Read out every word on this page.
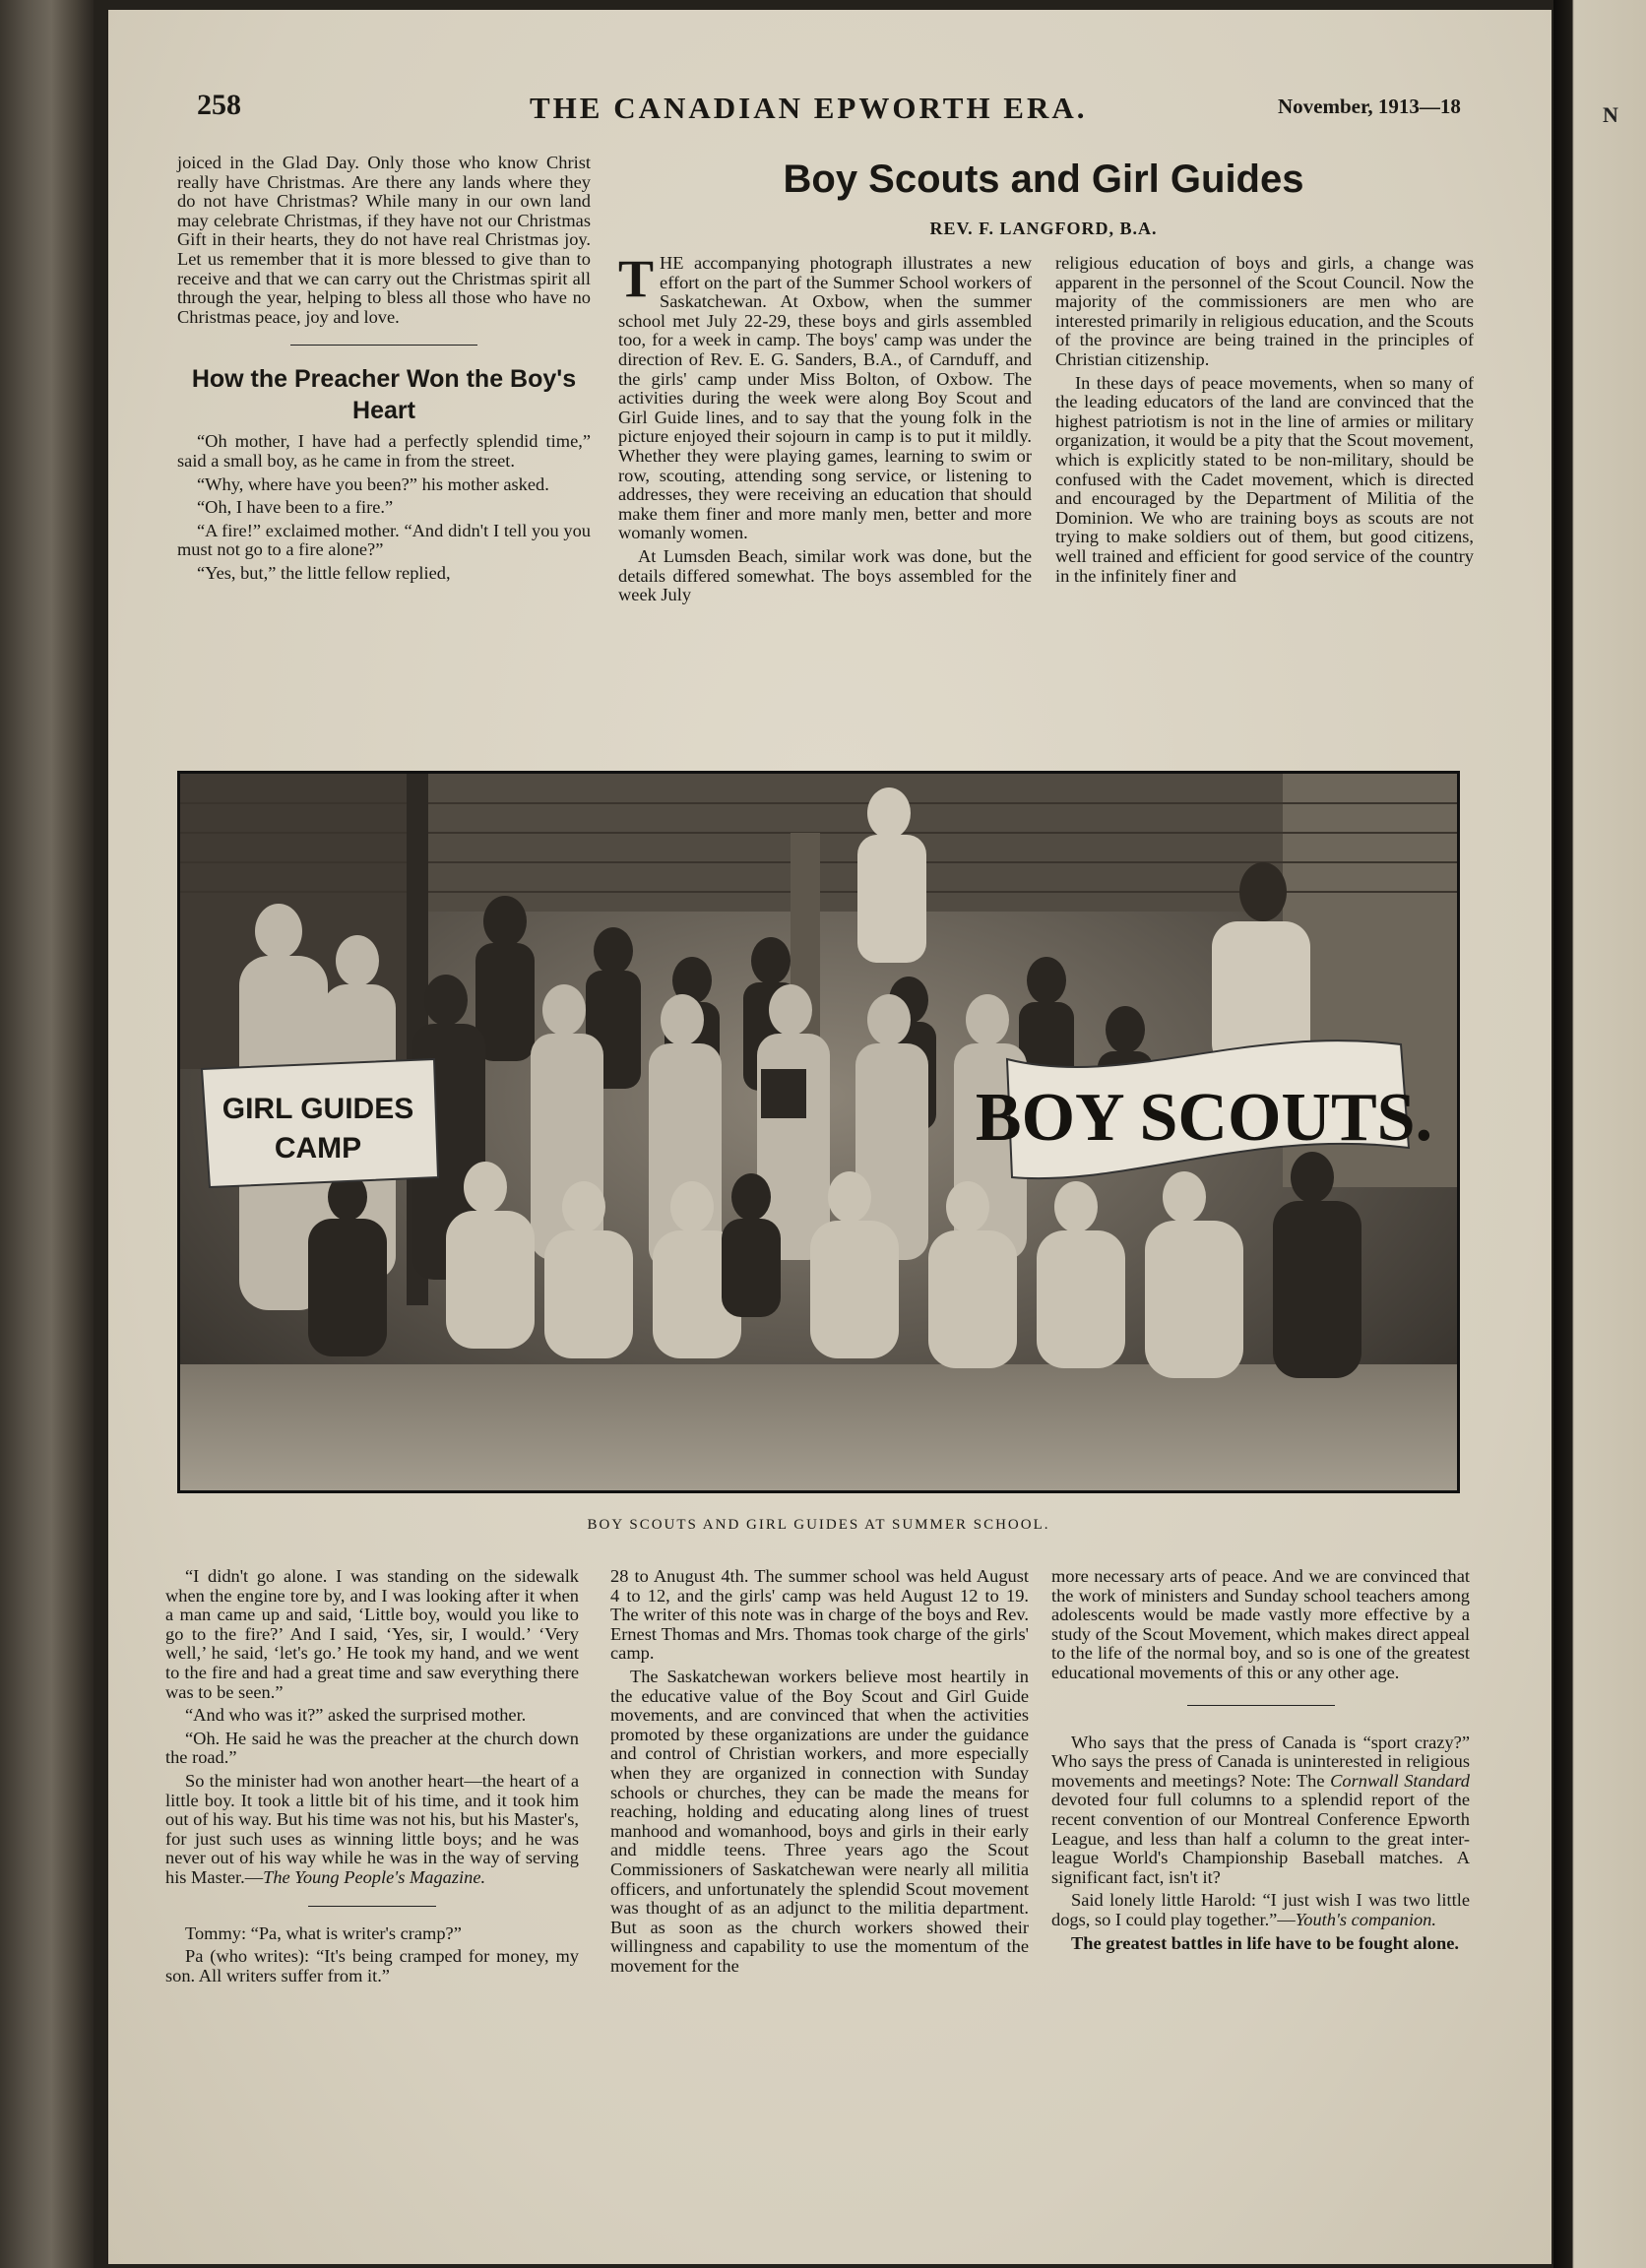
N
258	THE CANADIAN EPWORTH ERA.	November, 1913—18

joiced in the Glad Day. Only those who know Christ really have Christmas. Are there any lands where they do not have Christmas? While many in our own land may celebrate Christmas, if they have not our Christmas Gift in their hearts, they do not have real Christmas joy. Let us remember that it is more blessed to give than to receive and that we can carry out the Christmas spirit all through the year, helping to bless all those who have no Christmas peace, joy and love.

How the Preacher Won the Boy's Heart

“Oh mother, I have had a perfectly splendid time,” said a small boy, as he came in from the street.

“Why, where have you been?” his mother asked.

“Oh, I have been to a fire.”

“A fire!” exclaimed mother. “And didn't I tell you you must not go to a fire alone?”

“Yes, but,” the little fellow replied,

Boy Scouts and Girl Guides
REV. F. LANGFORD, B.A.

THE accompanying photograph illustrates a new effort on the part of the Summer School workers of Saskatchewan. At Oxbow, when the summer school met July 22-29, these boys and girls assembled too, for a week in camp. The boys' camp was under the direction of Rev. E. G. Sanders, B.A., of Carnduff, and the girls' camp under Miss Bolton, of Oxbow. The activities during the week were along Boy Scout and Girl Guide lines, and to say that the young folk in the picture enjoyed their sojourn in camp is to put it mildly. Whether they were playing games, learning to swim or row, scouting, attending song service, or listening to addresses, they were receiving an education that should make them finer and more manly men, better and more womanly women.

At Lumsden Beach, similar work was done, but the details differed somewhat. The boys assembled for the week July

religious education of boys and girls, a change was apparent in the personnel of the Scout Council. Now the majority of the commissioners are men who are interested primarily in religious education, and the Scouts of the province are being trained in the principles of Christian citizenship.

In these days of peace movements, when so many of the leading educators of the land are convinced that the highest patriotism is not in the line of armies or military organization, it would be a pity that the Scout movement, which is explicitly stated to be non-military, should be confused with the Cadet movement, which is directed and encouraged by the Department of Militia of the Dominion. We who are training boys as scouts are not trying to make soldiers out of them, but good citizens, well trained and efficient for good service of the country in the infinitely finer and

GIRL GUIDES
CAMP	BOY SCOUTS.
BOY SCOUTS AND GIRL GUIDES AT SUMMER SCHOOL.

“I didn't go alone. I was standing on the sidewalk when the engine tore by, and I was looking after it when a man came up and said, ‘Little boy, would you like to go to the fire?’ And I said, ‘Yes, sir, I would.’ ‘Very well,’ he said, ‘let's go.’ He took my hand, and we went to the fire and had a great time and saw everything there was to be seen.”

“And who was it?” asked the surprised mother.

“Oh. He said he was the preacher at the church down the road.”

So the minister had won another heart—the heart of a little boy. It took a little bit of his time, and it took him out of his way. But his time was not his, but his Master's, for just such uses as winning little boys; and he was never out of his way while he was in the way of serving his Master.—The Young People's Magazine.

Tommy: “Pa, what is writer's cramp?”

Pa (who writes): “It's being cramped for money, my son. All writers suffer from it.”

28 to Anugust 4th. The summer school was held August 4 to 12, and the girls' camp was held August 12 to 19. The writer of this note was in charge of the boys and Rev. Ernest Thomas and Mrs. Thomas took charge of the girls' camp.

The Saskatchewan workers believe most heartily in the educative value of the Boy Scout and Girl Guide movements, and are convinced that when the activities promoted by these organizations are under the guidance and control of Christian workers, and more especially when they are organized in connection with Sunday schools or churches, they can be made the means for reaching, holding and educating along lines of truest manhood and womanhood, boys and girls in their early and middle teens. Three years ago the Scout Commissioners of Saskatchewan were nearly all militia officers, and unfortunately the splendid Scout movement was thought of as an adjunct to the militia department. But as soon as the church workers showed their willingness and capability to use the momentum of the movement for the

more necessary arts of peace. And we are convinced that the work of ministers and Sunday school teachers among adolescents would be made vastly more effective by a study of the Scout Movement, which makes direct appeal to the life of the normal boy, and so is one of the greatest educational movements of this or any other age.

Who says that the press of Canada is “sport crazy?” Who says the press of Canada is uninterested in religious movements and meetings? Note: The Cornwall Standard devoted four full columns to a splendid report of the recent convention of our Montreal Conference Epworth League, and less than half a column to the great inter-league World's Championship Baseball matches. A significant fact, isn't it?

Said lonely little Harold: “I just wish I was two little dogs, so I could play together.”—Youth's companion.

The greatest battles in life have to be fought alone.
